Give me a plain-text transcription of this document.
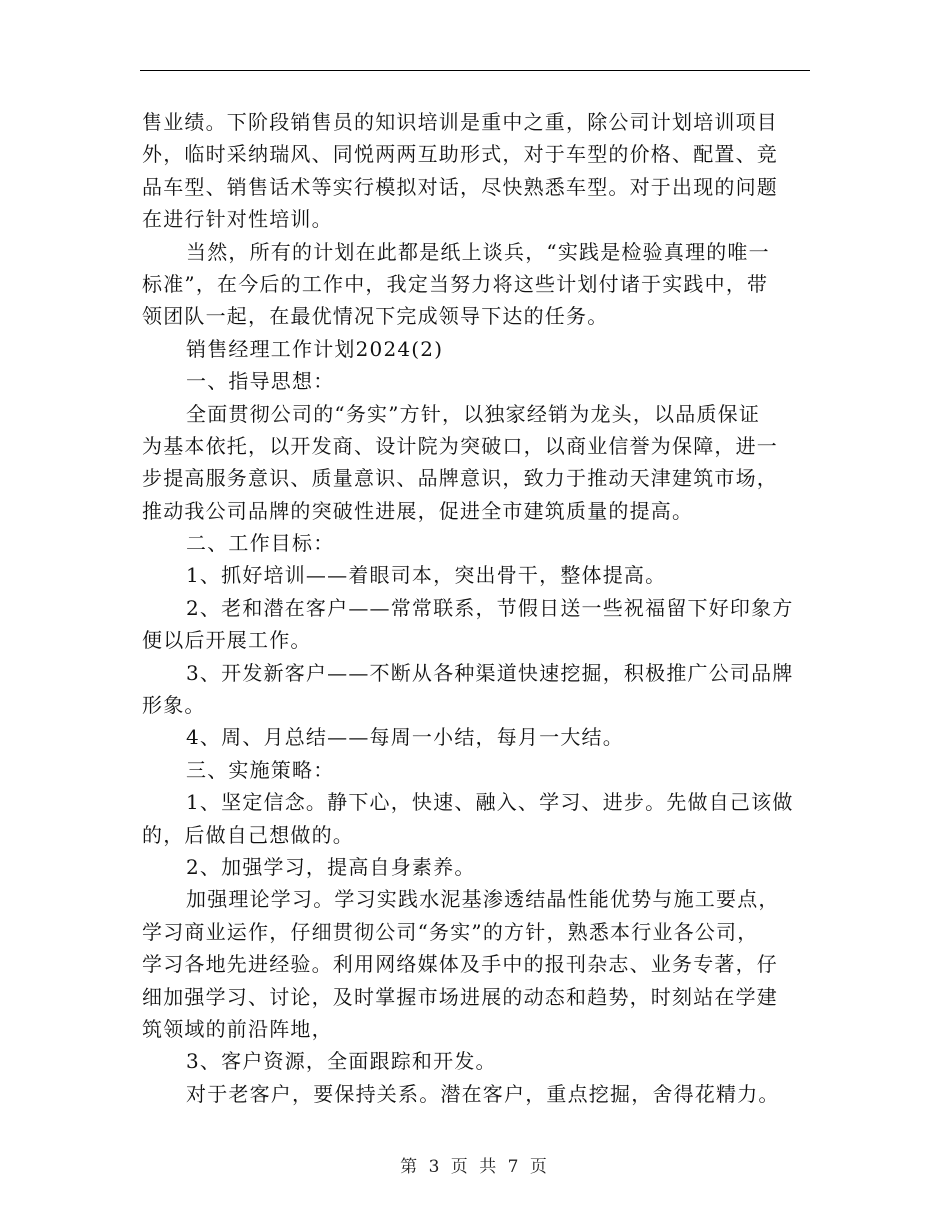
售业绩。下阶段销售员的知识培训是重中之重，除公司计划培训项目
外，临时采纳瑞风、同悦两两互助形式，对于车型的价格、配置、竞
品车型、销售话术等实行模拟对话，尽快熟悉车型。对于出现的问题
在进行针对性培训。
当然，所有的计划在此都是纸上谈兵，“实践是检验真理的唯一
标准”，在今后的工作中，我定当努力将这些计划付诸于实践中，带
领团队一起，在最优情况下完成领导下达的任务。
销售经理工作计划2024(2)
一、指导思想：
全面贯彻公司的“务实”方针，以独家经销为龙头，以品质保证
为基本依托，以开发商、设计院为突破口，以商业信誉为保障，进一
步提高服务意识、质量意识、品牌意识，致力于推动天津建筑市场，
推动我公司品牌的突破性进展，促进全市建筑质量的提高。
二、工作目标：
1、抓好培训——着眼司本，突出骨干，整体提高。
2、老和潜在客户——常常联系，节假日送一些祝福留下好印象方
便以后开展工作。
3、开发新客户——不断从各种渠道快速挖掘，积极推广公司品牌
形象。
4、周、月总结——每周一小结，每月一大结。
三、实施策略：
1、坚定信念。静下心，快速、融入、学习、进步。先做自己该做
的，后做自己想做的。
2、加强学习，提高自身素养。
加强理论学习。学习实践水泥基渗透结晶性能优势与施工要点，
学习商业运作，仔细贯彻公司“务实”的方针，熟悉本行业各公司，
学习各地先进经验。利用网络媒体及手中的报刊杂志、业务专著，仔
细加强学习、讨论，及时掌握市场进展的动态和趋势，时刻站在学建
筑领域的前沿阵地，
3、客户资源，全面跟踪和开发。
对于老客户，要保持关系。潜在客户，重点挖掘，舍得花精力。
第 3 页 共 7 页
